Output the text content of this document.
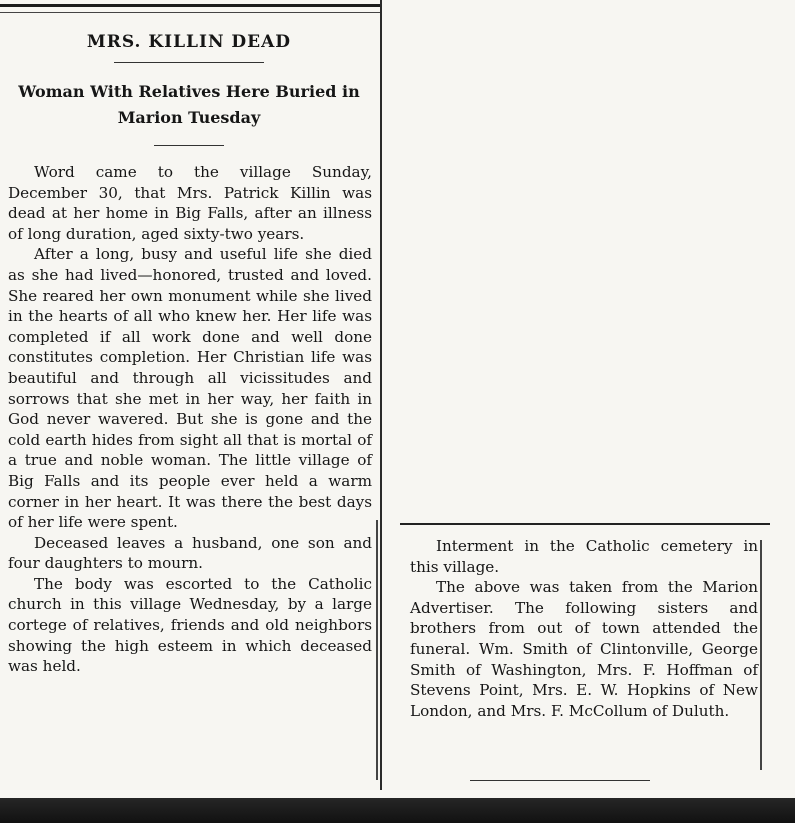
MRS. KILLIN DEAD
Woman With Relatives Here Buried in Marion Tuesday

Word came to the village Sunday, December 30, that Mrs. Patrick Killin was dead at her home in Big Falls, after an illness of long duration, aged sixty-two years.

After a long, busy and useful life she died as she had lived—honored, trusted and loved. She reared her own monument while she lived in the hearts of all who knew her. Her life was completed if all work done and well done constitutes completion. Her Christian life was beautiful and through all vicissitudes and sorrows that she met in her way, her faith in God never wavered. But she is gone and the cold earth hides from sight all that is mortal of a true and noble woman. The little village of Big Falls and its people ever held a warm corner in her heart. It was there the best days of her life were spent.

Deceased leaves a husband, one son and four daughters to mourn.

The body was escorted to the Catholic church in this village Wednesday, by a large cortege of relatives, friends and old neighbors showing the high esteem in which deceased was held.

Interment in the Catholic cemetery in this village.

The above was taken from the Marion Advertiser. The following sisters and brothers from out of town attended the funeral. Wm. Smith of Clintonville, George Smith of Washington, Mrs. F. Hoffman of Stevens Point, Mrs. E. W. Hopkins of New London, and Mrs. F. McCollum of Duluth.
